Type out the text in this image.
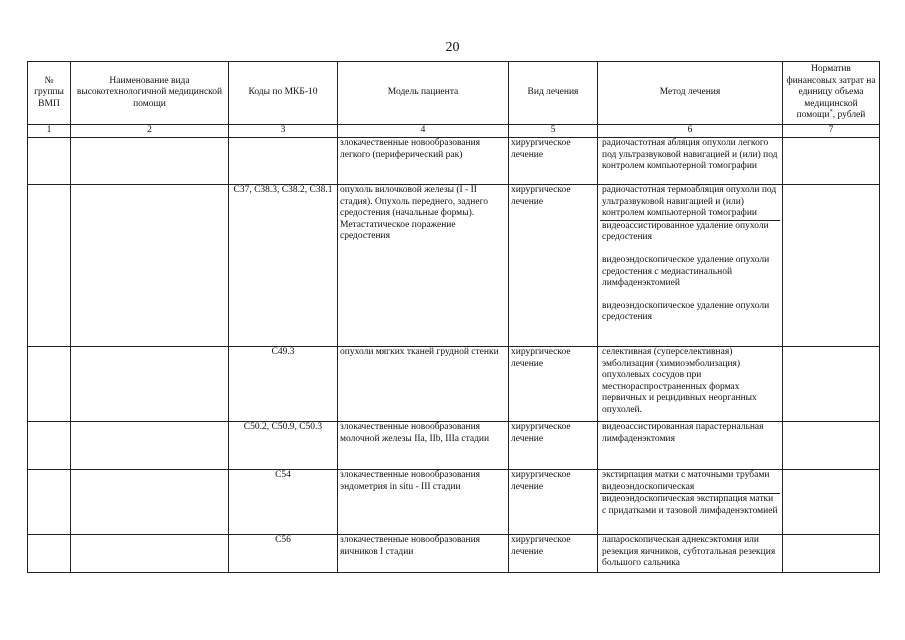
20
№ группы ВМП	Наименование вида высокотехнологичной медицинской помощи	Коды по МКБ-10	Модель пациента	Вид лечения	Метод лечения	Норматив финансовых затрат на единицу объема медицинской помощи*, рублей
1	2	3	4	5	6	7
			злокачественные новообразования легкого (периферический рак)	хирургическое лечение	радиочастотная абляция опухоли легкого под ультразвуковой навигацией и (или) под контролем компьютерной томографии	

		C37, C38.3, C38.2, C38.1	опухоль вилочковой железы (I - II стадия). Опухоль переднего, заднего средостения (начальные формы). Метастатическое поражение средостения	хирургическое лечение	радиочастотная термоабляция опухоли под ультразвуковой навигацией и (или) контролем компьютерной томографии
видеоассистированное удаление опухоли средостения
видеоэндоскопическое удаление опухоли средостения с медиастинальной лимфаденэктомией
видеоэндоскопическое удаление опухоли средостения	

		C49.3	опухоли мягких тканей грудной стенки	хирургическое лечение	селективная (суперселективная) эмболизация (химиоэмболизация) опухолевых сосудов при местнораспространенных формах первичных и рецидивных неорганных опухолей.	

		C50.2, C50.9, C50.3	злокачественные новообразования молочной железы IIa, IIb, IIIa стадии	хирургическое лечение	видеоассистированная парастернальная лимфаденэктомия	

		C54	злокачественные новообразования эндометрия in situ - III стадии	хирургическое лечение	экстирпация матки с маточными трубами видеоэндоскопическая
видеоэндоскопическая экстирпация матки с придатками и тазовой лимфаденэктомией	

		C56	злокачественные новообразования яичников I стадии	хирургическое лечение	лапароскопическая аднексэктомия или резекция яичников, субтотальная резекция большого сальника	
